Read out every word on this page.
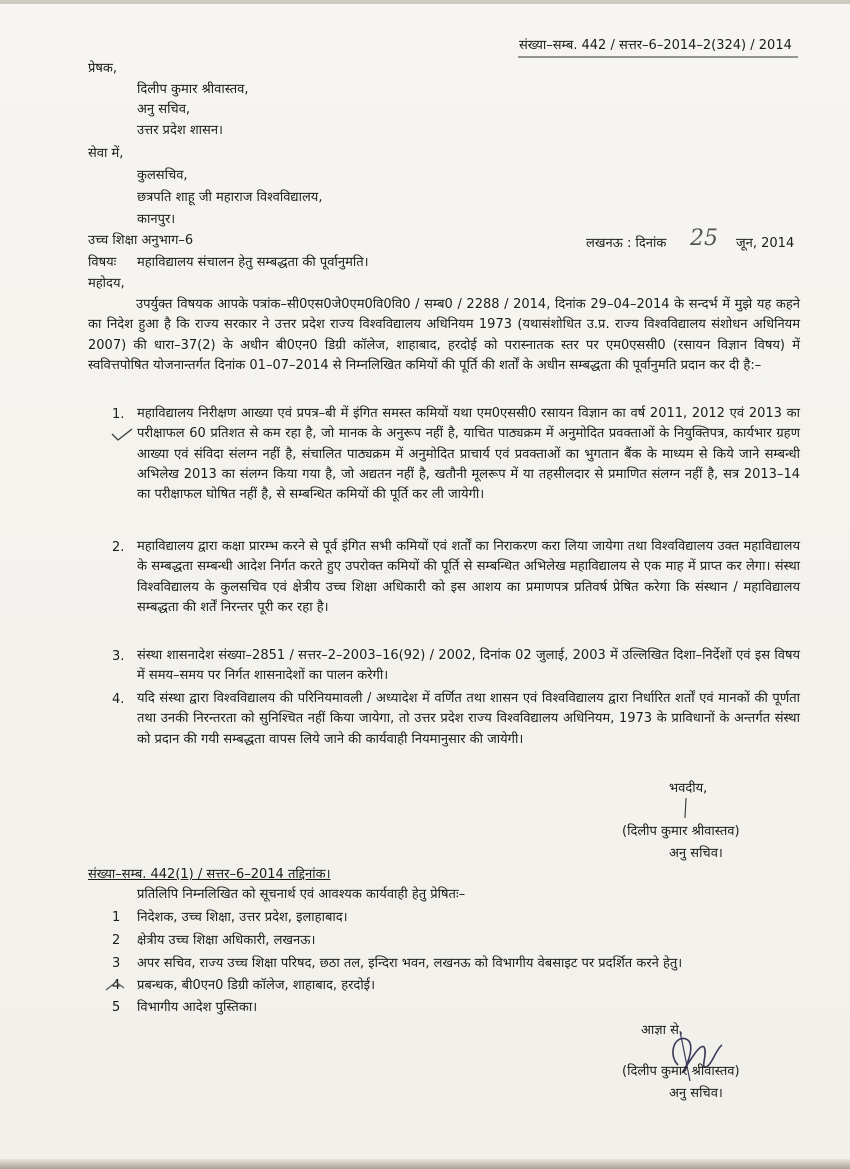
संख्या–सम्ब. 442 / सत्तर–6–2014–2(324) / 2014
प्रेषक,
दिलीप कुमार श्रीवास्तव,
अनु सचिव,
उत्तर प्रदेश शासन।
सेवा में,
कुलसचिव,
छत्रपति शाहू जी महाराज विश्वविद्यालय,
कानपुर।
उच्च शिक्षा अनुभाग–6	लखनऊ : दिनांक 25 जून, 2014
विषयः महाविद्यालय संचालन हेतु सम्बद्धता की पूर्वानुमति।
महोदय,
उपर्युक्त विषयक आपके पत्रांक–सी0एस0जे0एम0वि0वि0 / सम्ब0 / 2288 / 2014, दिनांक 29–04–2014 के सन्दर्भ में मुझे यह कहने का निदेश हुआ है कि राज्य सरकार ने उत्तर प्रदेश राज्य विश्वविद्यालय अधिनियम 1973 (यथासंशोधित उ.प्र. राज्य विश्वविद्यालय संशोधन अधिनियम 2007) की धारा–37(2) के अधीन बी0एन0 डिग्री कॉलेज, शाहाबाद, हरदोई को परास्नातक स्तर पर एम0एससी0 (रसायन विज्ञान विषय) में स्ववित्तपोषित योजनान्तर्गत दिनांक 01–07–2014 से निम्नलिखित कमियों की पूर्ति की शर्तों के अधीन सम्बद्धता की पूर्वानुमति प्रदान कर दी है:–
1. महाविद्यालय निरीक्षण आख्या एवं प्रपत्र–बी में इंगित समस्त कमियों यथा एम0एससी0 रसायन विज्ञान का वर्ष 2011, 2012 एवं 2013 का परीक्षाफल 60 प्रतिशत से कम रहा है, जो मानक के अनुरूप नहीं है, याचित पाठ्यक्रम में अनुमोदित प्रवक्ताओं के नियुक्तिपत्र, कार्यभार ग्रहण आख्या एवं संविदा संलग्न नहीं है, संचालित पाठ्यक्रम में अनुमोदित प्राचार्य एवं प्रवक्ताओं का भुगतान बैंक के माध्यम से किये जाने सम्बन्धी अभिलेख 2013 का संलग्न किया गया है, जो अद्यतन नहीं है, खतौनी मूलरूप में या तहसीलदार से प्रमाणित संलग्न नहीं है, सत्र 2013–14 का परीक्षाफल घोषित नहीं है, से सम्बन्धित कमियों की पूर्ति कर ली जायेगी।
2. महाविद्यालय द्वारा कक्षा प्रारम्भ करने से पूर्व इंगित सभी कमियों एवं शर्तों का निराकरण करा लिया जायेगा तथा विश्वविद्यालय उक्त महाविद्यालय के सम्बद्धता सम्बन्धी आदेश निर्गत करते हुए उपरोक्त कमियों की पूर्ति से सम्बन्धित अभिलेख महाविद्यालय से एक माह में प्राप्त कर लेगा। संस्था विश्वविद्यालय के कुलसचिव एवं क्षेत्रीय उच्च शिक्षा अधिकारी को इस आशय का प्रमाणपत्र प्रतिवर्ष प्रेषित करेगा कि संस्थान / महाविद्यालय सम्बद्धता की शर्तें निरन्तर पूरी कर रहा है।
3. संस्था शासनादेश संख्या–2851 / सत्तर–2–2003–16(92) / 2002, दिनांक 02 जुलाई, 2003 में उल्लिखित दिशा–निर्देशों एवं इस विषय में समय–समय पर निर्गत शासनादेशों का पालन करेगी।
4. यदि संस्था द्वारा विश्वविद्यालय की परिनियमावली / अध्यादेश में वर्णित तथा शासन एवं विश्वविद्यालय द्वारा निर्धारित शर्तों एवं मानकों की पूर्णता तथा उनकी निरन्तरता को सुनिश्चित नहीं किया जायेगा, तो उत्तर प्रदेश राज्य विश्वविद्यालय अधिनियम, 1973 के प्राविधानों के अन्तर्गत संस्था को प्रदान की गयी सम्बद्धता वापस लिये जाने की कार्यवाही नियमानुसार की जायेगी।
भवदीय,
(दिलीप कुमार श्रीवास्तव)
अनु सचिव।
संख्या–सम्ब. 442(1) / सत्तर–6–2014 तद्दिनांक।
प्रतिलिपि निम्नलिखित को सूचनार्थ एवं आवश्यक कार्यवाही हेतु प्रेषितः–
1 निदेशक, उच्च शिक्षा, उत्तर प्रदेश, इलाहाबाद।
2 क्षेत्रीय उच्च शिक्षा अधिकारी, लखनऊ।
3 अपर सचिव, राज्य उच्च शिक्षा परिषद, छठा तल, इन्दिरा भवन, लखनऊ को विभागीय वेबसाइट पर प्रदर्शित करने हेतु।
4 प्रबन्धक, बी0एन0 डिग्री कॉलेज, शाहाबाद, हरदोई।
5 विभागीय आदेश पुस्तिका।
आज्ञा से,
(दिलीप कुमार श्रीवास्तव)
अनु सचिव।
